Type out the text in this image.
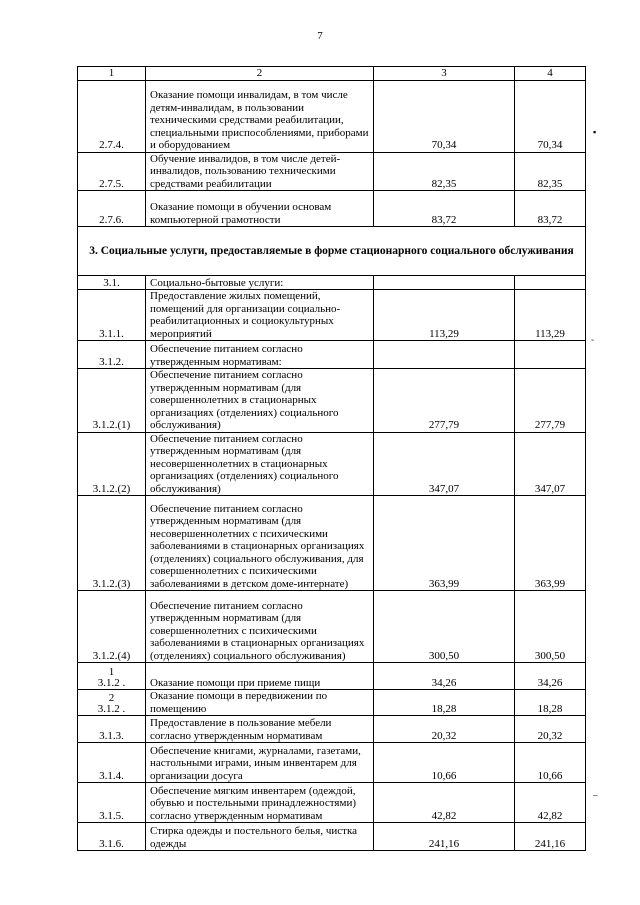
7
1	2	3	4
2.7.4.	Оказание помощи инвалидам, в том числе детям-инвалидам, в пользовании техническими средствами реабилитации, специальными приспособлениями, приборами и оборудованием	70,34	70,34
2.7.5.	Обучение инвалидов, в том числе детей-инвалидов, пользованию техническими средствами реабилитации	82,35	82,35
2.7.6.	Оказание помощи в обучении основам компьютерной грамотности	83,72	83,72
3. Социальные услуги, предоставляемые в форме стационарного социального обслуживания			
3.1.	Социально-бытовые услуги:		
3.1.1.	Предоставление жилых помещений, помещений для организации социально-реабилитационных и социокультурных мероприятий	113,29	113,29
3.1.2.	Обеспечение питанием согласно утвержденным нормативам:		
3.1.2.(1)	Обеспечение питанием согласно утвержденным нормативам (для совершеннолетних в стационарных организациях (отделениях) социального обслуживания)	277,79	277,79
3.1.2.(2)	Обеспечение питанием согласно утвержденным нормативам (для несовершеннолетних в стационарных организациях (отделениях) социального обслуживания)	347,07	347,07
3.1.2.(3)	Обеспечение питанием согласно утвержденным нормативам (для несовершеннолетних с психическими заболеваниями в стационарных организациях (отделениях) социального обслуживания, для совершеннолетних с психическими заболеваниями в детском доме-интернате)	363,99	363,99
3.1.2.(4)	Обеспечение питанием согласно утвержденным нормативам (для совершеннолетних с психическими заболеваниями в стационарных организациях (отделениях) социального обслуживания)	300,50	300,50

1
3.1.2 .	Оказание помощи при приеме пищи	34,26	34,26

2
3.1.2 .	Оказание помощи в передвижении по помещению	18,28	18,28
3.1.3.	Предоставление в пользование мебели согласно утвержденным нормативам	20,32	20,32
3.1.4.	Обеспечение книгами, журналами, газетами, настольными играми, иным инвентарем для организации досуга	10,66	10,66
3.1.5.	Обеспечение мягким инвентарем (одеждой, обувью и постельными принадлежностями) согласно утвержденным нормативам	42,82	42,82
3.1.6.	Стирка одежды и постельного белья, чистка одежды	241,16	241,16
▪
˜
‒
